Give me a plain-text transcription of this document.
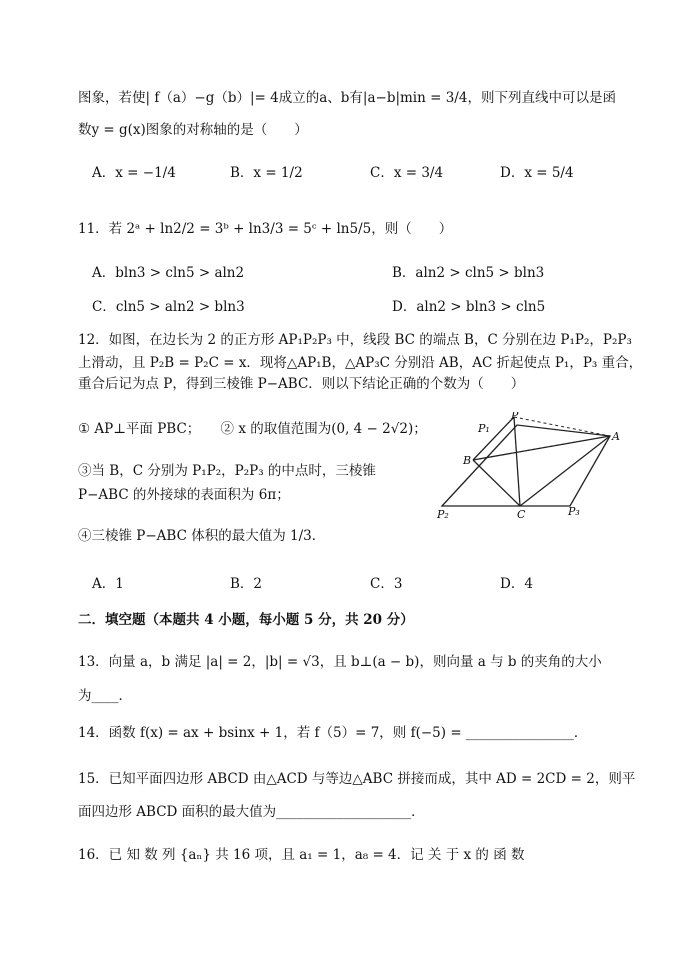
图象，若使| f（a）−g（b）|= 4成立的a、b有|a−b|min = 3/4，则下列直线中可以是函
数y = g(x)图象的对称轴的是（　　）
A．x = −1/4	B．x = 1/2	C．x = 3/4	D．x = 5/4
11．若 2ᵃ + ln2/2 = 3ᵇ + ln3/3 = 5ᶜ + ln5/5，则（　　）
A．bln3 > cln5 > aln2	B．aln2 > cln5 > bln3
C．cln5 > aln2 > bln3	D．aln2 > bln3 > cln5
12．如图，在边长为 2 的正方形 AP₁P₂P₃ 中，线段 BC 的端点 B，C 分别在边 P₁P₂，P₂P₃
上滑动，且 P₂B = P₂C = x．现将△AP₁B，△AP₃C 分别沿 AB，AC 折起使点 P₁，P₃ 重合，
重合后记为点 P，得到三棱锥 P−ABC．则以下结论正确的个数为（　　）
① AP⊥平面 PBC；　　② x 的取值范围为(0, 4 − 2√2)；
③当 B，C 分别为 P₁P₂，P₂P₃ 的中点时，三棱锥
P−ABC 的外接球的表面积为 6π；
④三棱锥 P−ABC 体积的最大值为 1/3．
P
P₁
A
B
C
P₂	P₃
A．1	B．2	C．3	D．4
二．填空题（本题共 4 小题，每小题 5 分，共 20 分）
13．向量 a，b 满足 |a| = 2，|b| = √3，且 b⊥(a − b)，则向量 a 与 b 的夹角的大小
为____．
14．函数 f(x) = ax + bsinx + 1，若 f（5）= 7，则 f(−5) = ________________．
15．已知平面四边形 ABCD 由△ACD 与等边△ABC 拼接而成，其中 AD = 2CD = 2，则平
面四边形 ABCD 面积的最大值为____________________．
16．已 知 数 列 {aₙ} 共 16 项，且 a₁ = 1，a₈ = 4．记 关 于 x 的 函 数
